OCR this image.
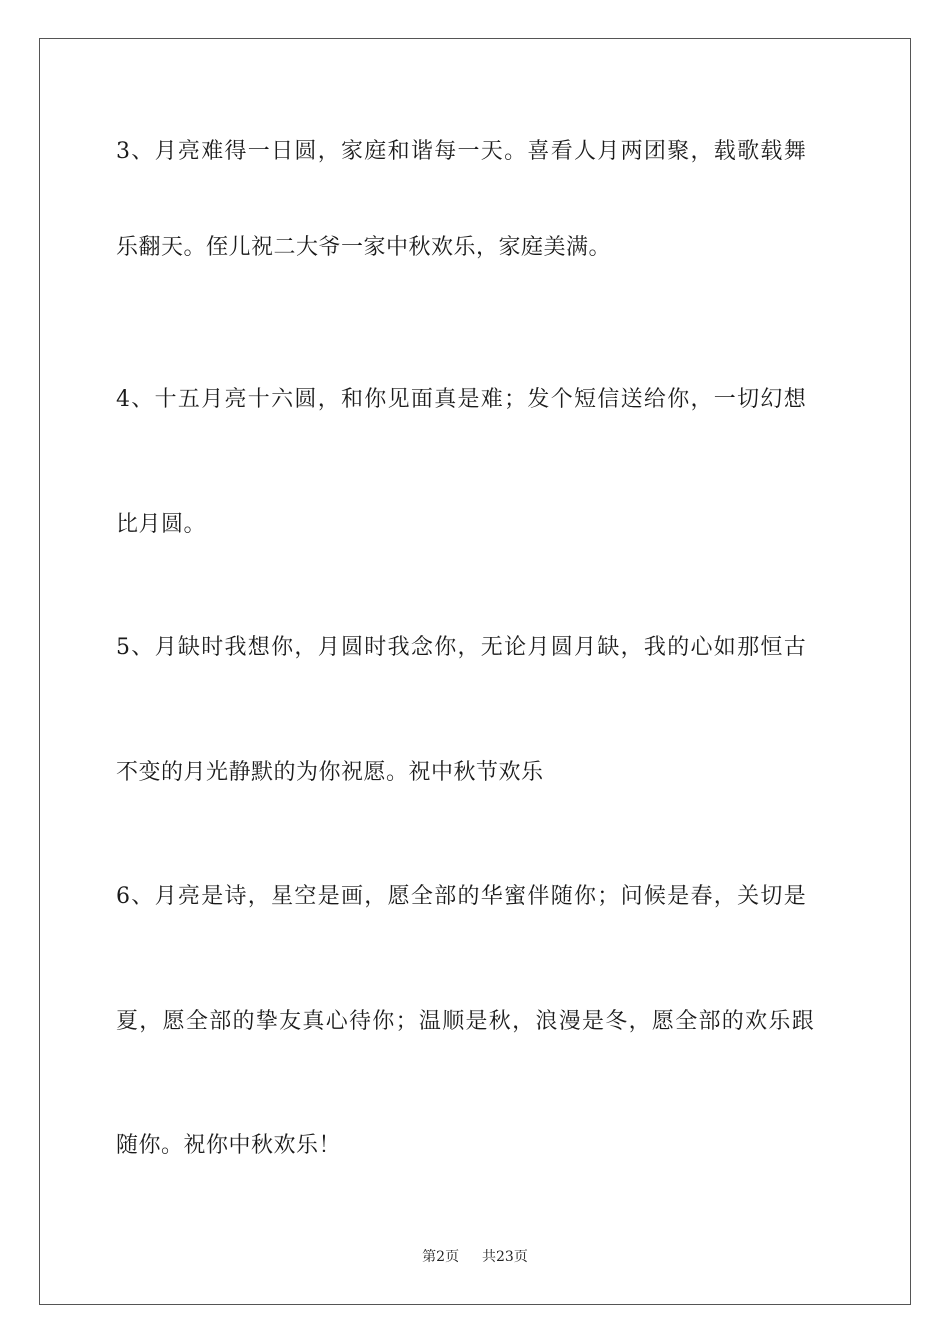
3、月亮难得一日圆，家庭和谐每一天。喜看人月两团聚，载歌载舞
乐翻天。侄儿祝二大爷一家中秋欢乐，家庭美满。
4、十五月亮十六圆，和你见面真是难；发个短信送给你，一切幻想
比月圆。
5、月缺时我想你，月圆时我念你，无论月圆月缺，我的心如那恒古
不变的月光静默的为你祝愿。祝中秋节欢乐
6、月亮是诗，星空是画，愿全部的华蜜伴随你；问候是春，关切是
夏，愿全部的挚友真心待你；温顺是秋，浪漫是冬，愿全部的欢乐跟
随你。祝你中秋欢乐！
第2页 共23页
